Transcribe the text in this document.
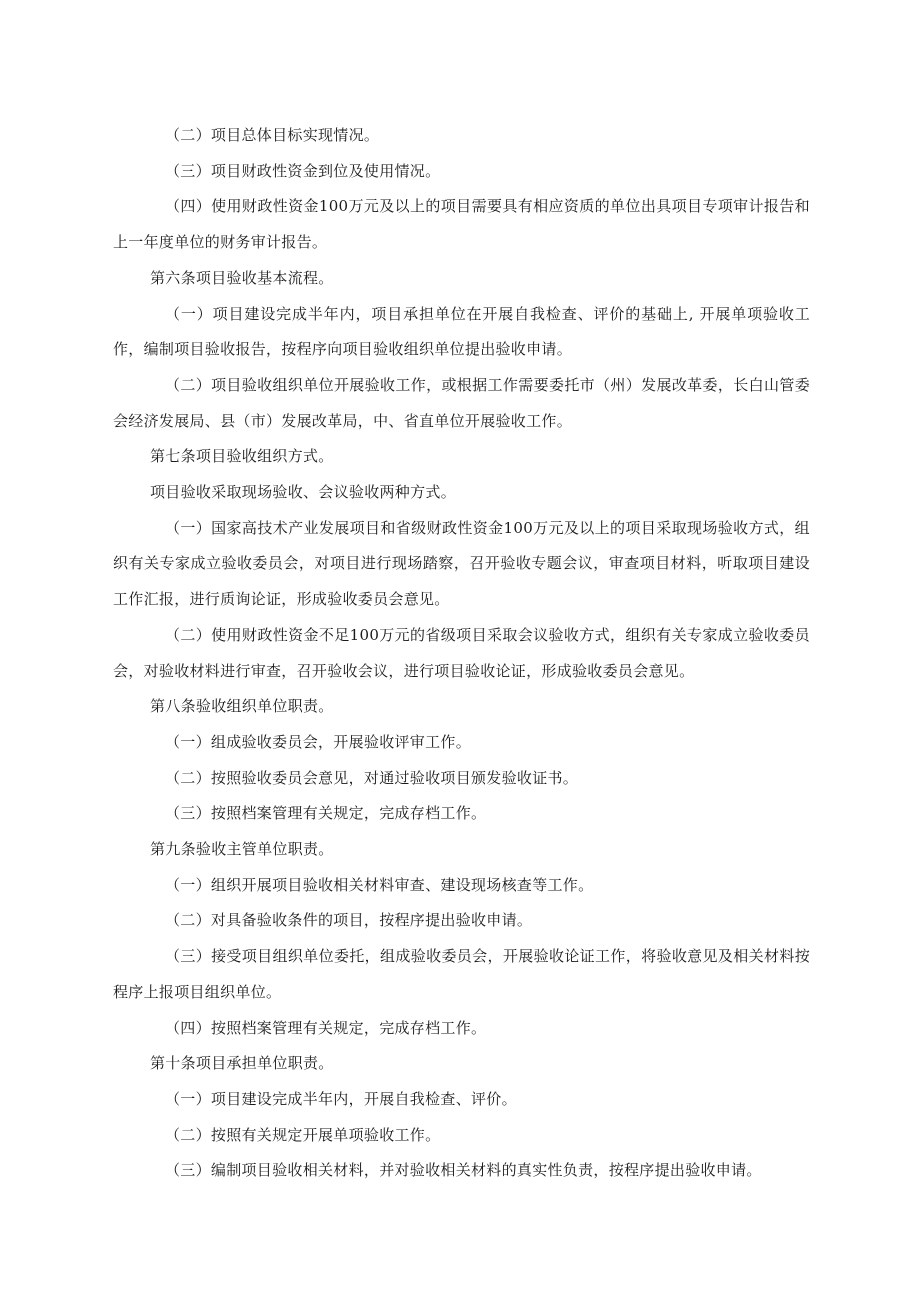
（二）项目总体目标实现情况。

（三）项目财政性资金到位及使用情况。

（四）使用财政性资金100万元及以上的项目需要具有相应资质的单位出具项目专项审计报告和上一年度单位的财务审计报告。

第六条项目验收基本流程。

（一）项目建设完成半年内，项目承担单位在开展自我检查、评价的基础上, 开展单项验收工作，编制项目验收报告，按程序向项目验收组织单位提出验收申请。

（二）项目验收组织单位开展验收工作，或根据工作需要委托市（州）发展改革委，长白山管委会经济发展局、县（市）发展改革局，中、省直单位开展验收工作。

第七条项目验收组织方式。

项目验收采取现场验收、会议验收两种方式。

（一）国家高技术产业发展项目和省级财政性资金100万元及以上的项目采取现场验收方式，组织有关专家成立验收委员会，对项目进行现场踏察，召开验收专题会议，审查项目材料，听取项目建设工作汇报，进行质询论证，形成验收委员会意见。

（二）使用财政性资金不足100万元的省级项目采取会议验收方式，组织有关专家成立验收委员会，对验收材料进行审查，召开验收会议，进行项目验收论证，形成验收委员会意见。

第八条验收组织单位职责。

（一）组成验收委员会，开展验收评审工作。

（二）按照验收委员会意见，对通过验收项目颁发验收证书。

（三）按照档案管理有关规定，完成存档工作。

第九条验收主管单位职责。

（一）组织开展项目验收相关材料审查、建设现场核查等工作。

（二）对具备验收条件的项目，按程序提出验收申请。

（三）接受项目组织单位委托，组成验收委员会，开展验收论证工作，将验收意见及相关材料按程序上报项目组织单位。

（四）按照档案管理有关规定，完成存档工作。

第十条项目承担单位职责。

（一）项目建设完成半年内，开展自我检查、评价。

（二）按照有关规定开展单项验收工作。

（三）编制项目验收相关材料，并对验收相关材料的真实性负责，按程序提出验收申请。
